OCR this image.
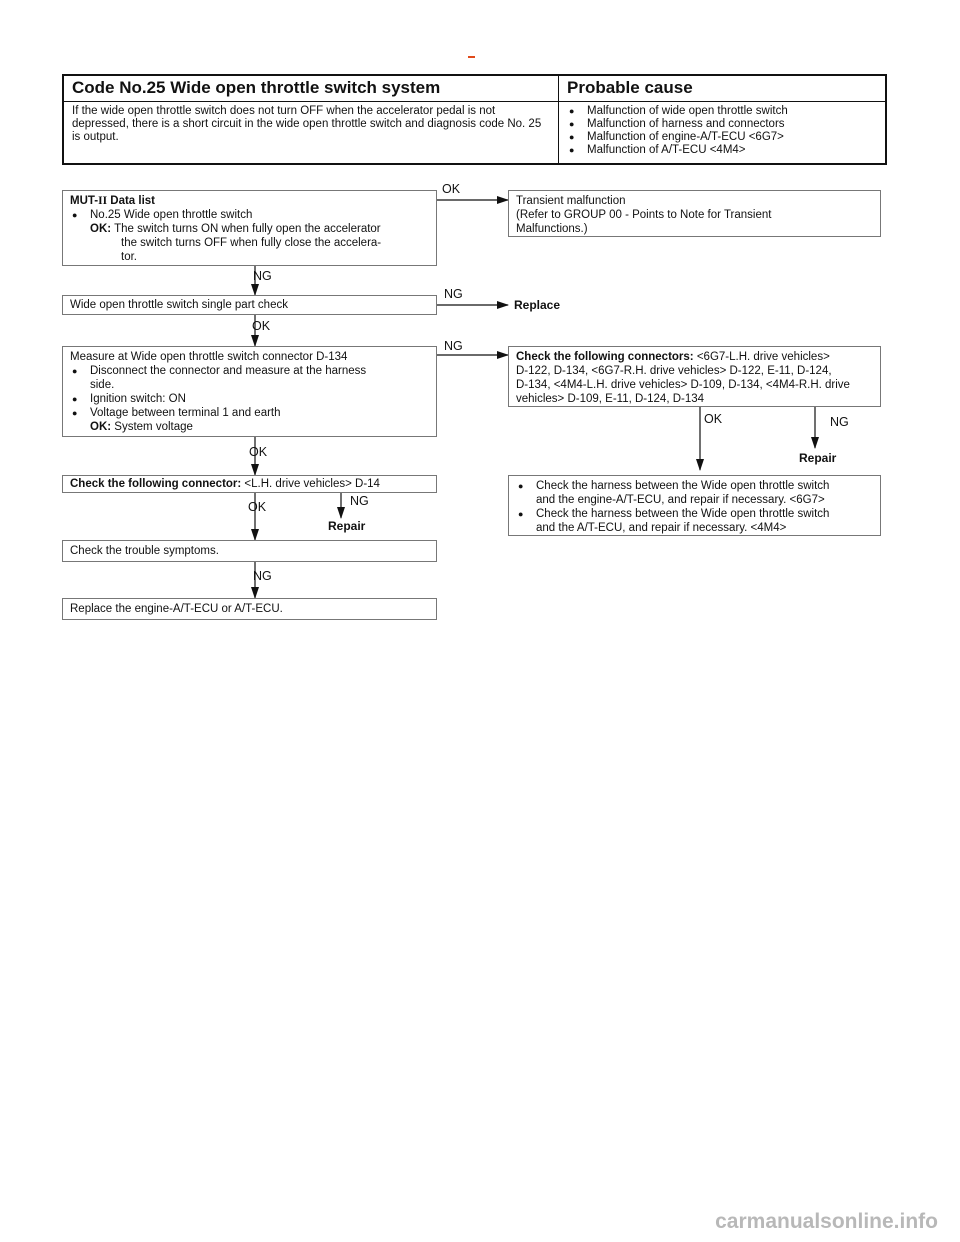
Code No.25 Wide open throttle switch system	Probable cause
If the wide open throttle switch does not turn OFF when the accelerator pedal is not depressed, there is a short circuit in the wide open throttle switch and diagnosis code No. 25 is output.	● Malfunction of wide open throttle switch
● Malfunction of harness and connectors
● Malfunction of engine-A/T-ECU <6G7>
● Malfunction of A/T-ECU <4M4>
MUT-II Data list
● No.25 Wide open throttle switch
OK: The switch turns ON when fully open the accelerator
the switch turns OFF when fully close the accelera-
tor.
Transient malfunction
(Refer to GROUP 00 - Points to Note for Transient
Malfunctions.)
Wide open throttle switch single part check	Replace
Measure at Wide open throttle switch connector D-134
● Disconnect the connector and measure at the harness
side.
● Ignition switch: ON
● Voltage between terminal 1 and earth
OK: System voltage
Check the following connectors: <6G7-L.H. drive vehicles>
D-122, D-134, <6G7-R.H. drive vehicles> D-122, E-11, D-124,
D-134, <4M4-L.H. drive vehicles> D-109, D-134, <4M4-R.H. drive
vehicles> D-109, E-11, D-124, D-134
Check the following connector: <L.H. drive vehicles> D-14	● Check the harness between the Wide open throttle switch
and the engine-A/T-ECU, and repair if necessary. <6G7>
● Check the harness between the Wide open throttle switch
and the A/T-ECU, and repair if necessary. <4M4>
Check the trouble symptoms.
Replace the engine-A/T-ECU or A/T-ECU.
OK
NG
NG
OK
NG
OK	NG
OK	Repair
NG
OK
Repair
NG
carmanualsonline.info
